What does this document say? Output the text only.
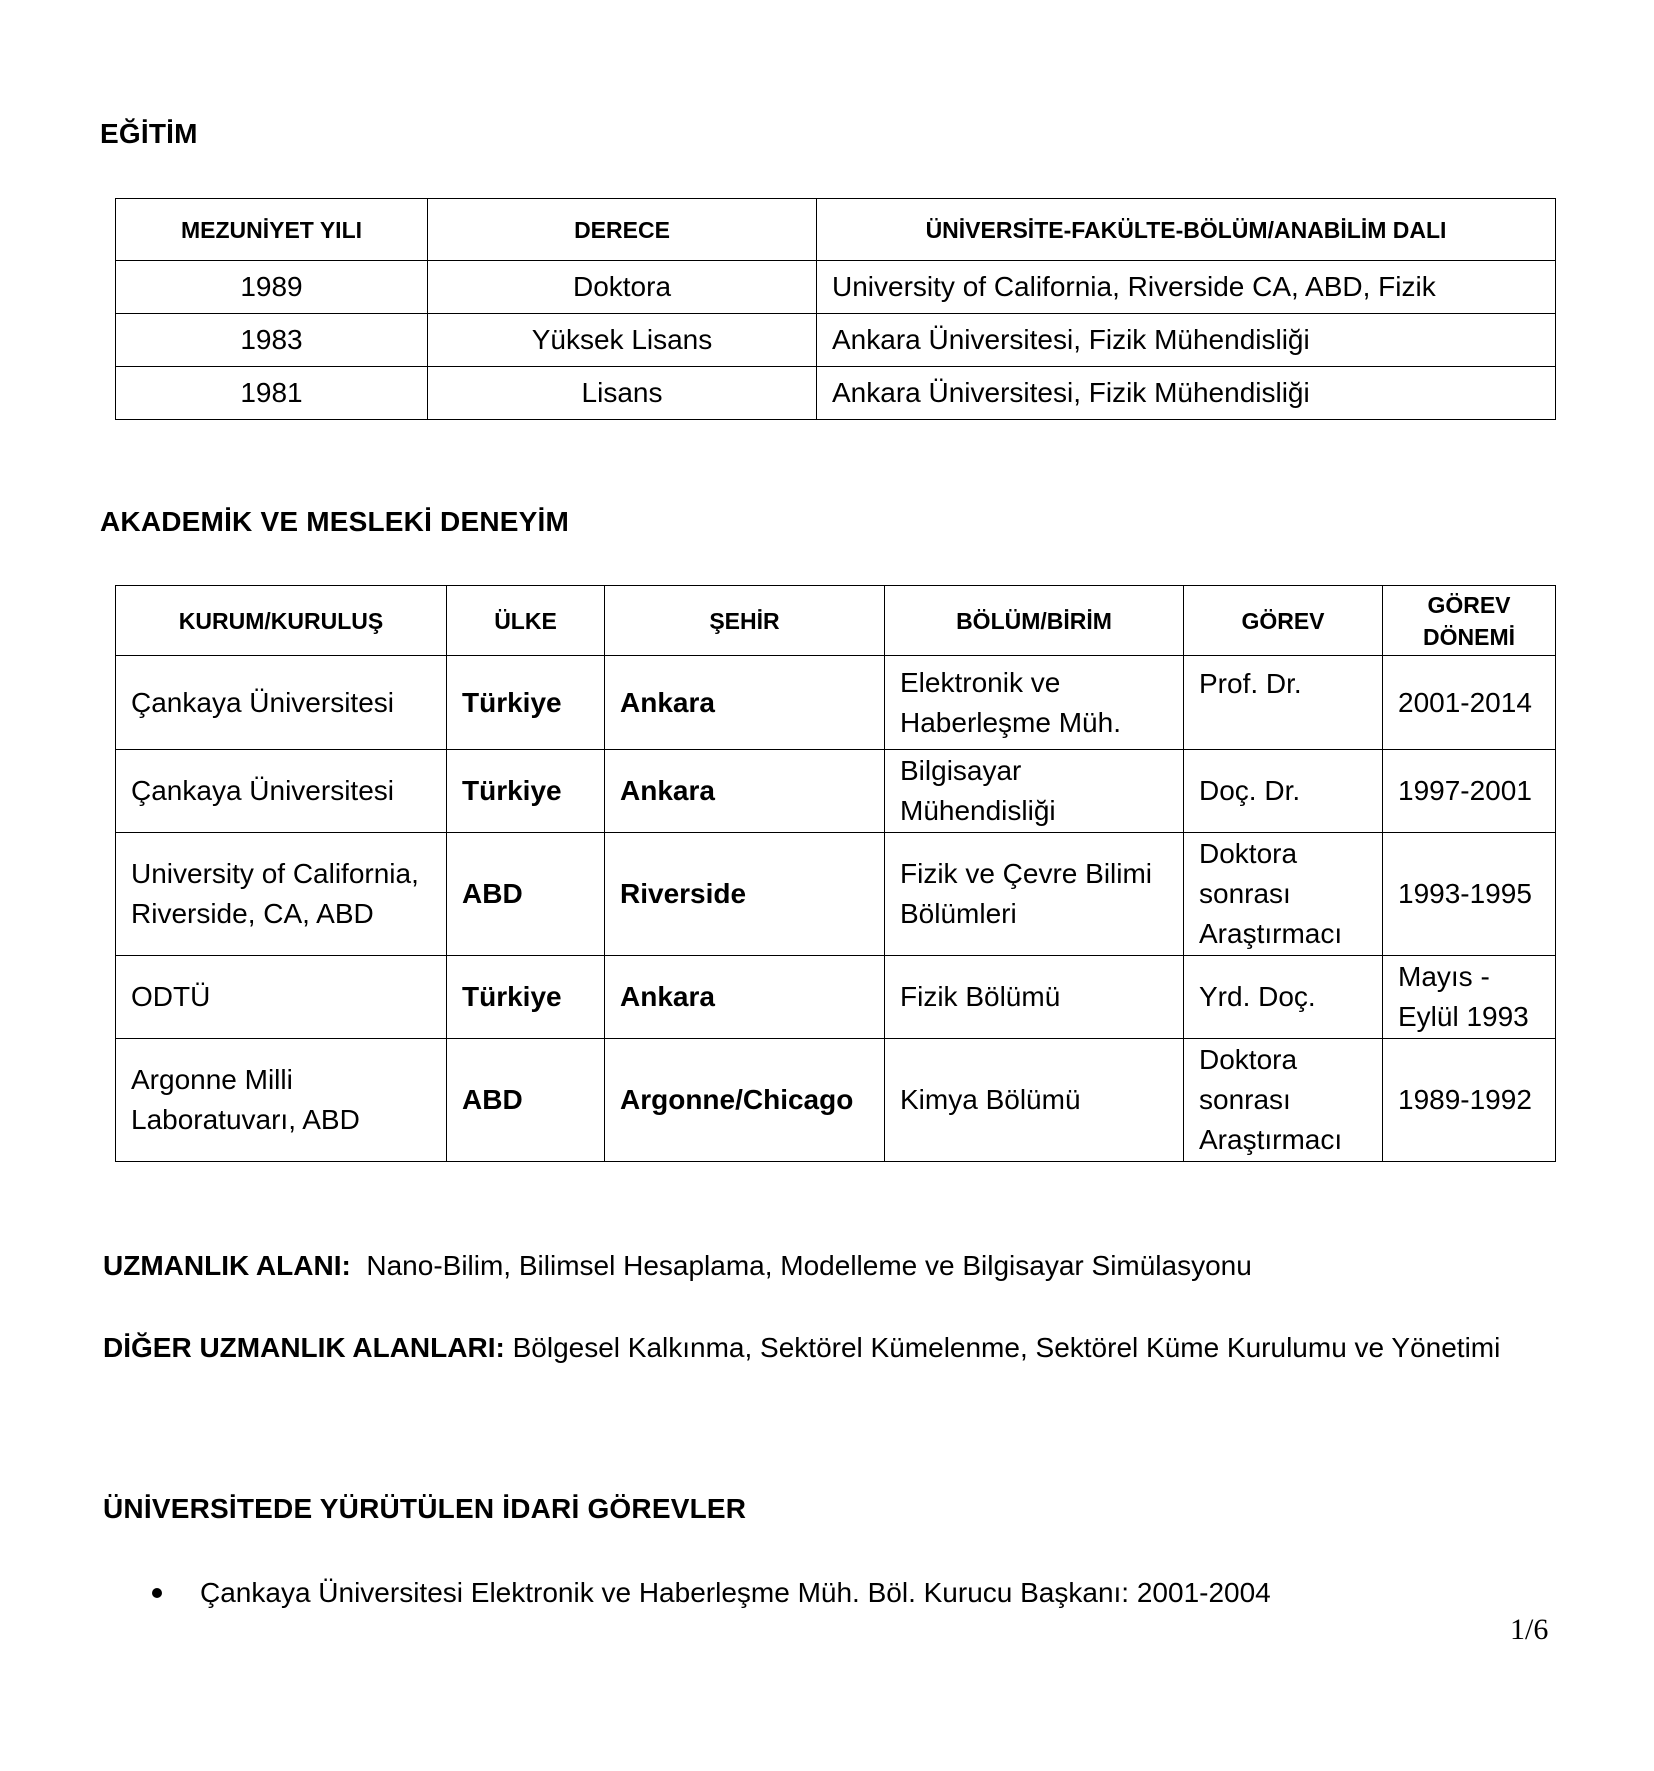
EĞİTİM
MEZUNİYET YILI	DERECE	ÜNİVERSİTE-FAKÜLTE-BÖLÜM/ANABİLİM DALI
1989	Doktora	University of California, Riverside CA, ABD, Fizik
1983	Yüksek Lisans	Ankara Üniversitesi, Fizik Mühendisliği
1981	Lisans	Ankara Üniversitesi, Fizik Mühendisliği
AKADEMİK VE MESLEKİ DENEYİM
KURUM/KURULUŞ	ÜLKE	ŞEHİR	BÖLÜM/BİRİM	GÖREV	GÖREV DÖNEMİ
Çankaya Üniversitesi	Türkiye	Ankara	Elektronik ve Haberleşme Müh.	Prof. Dr.	2001-2014
Çankaya Üniversitesi	Türkiye	Ankara	Bilgisayar Mühendisliği	Doç. Dr.	1997-2001
University of California, Riverside, CA, ABD	ABD	Riverside	Fizik ve Çevre Bilimi Bölümleri	Doktora sonrası Araştırmacı	1993-1995
ODTÜ	Türkiye	Ankara	Fizik Bölümü	Yrd. Doç.	Mayıs - Eylül 1993
Argonne Milli Laboratuvarı, ABD	ABD	Argonne/Chicago	Kimya Bölümü	Doktora sonrası Araştırmacı	1989-1992
UZMANLIK ALANI: Nano-Bilim, Bilimsel Hesaplama, Modelleme ve Bilgisayar Simülasyonu
DİĞER UZMANLIK ALANLARI: Bölgesel Kalkınma, Sektörel Kümelenme, Sektörel Küme Kurulumu ve Yönetimi
ÜNİVERSİTEDE YÜRÜTÜLEN İDARİ GÖREVLER
Çankaya Üniversitesi Elektronik ve Haberleşme Müh. Böl. Kurucu Başkanı: 2001-2004
1/6
